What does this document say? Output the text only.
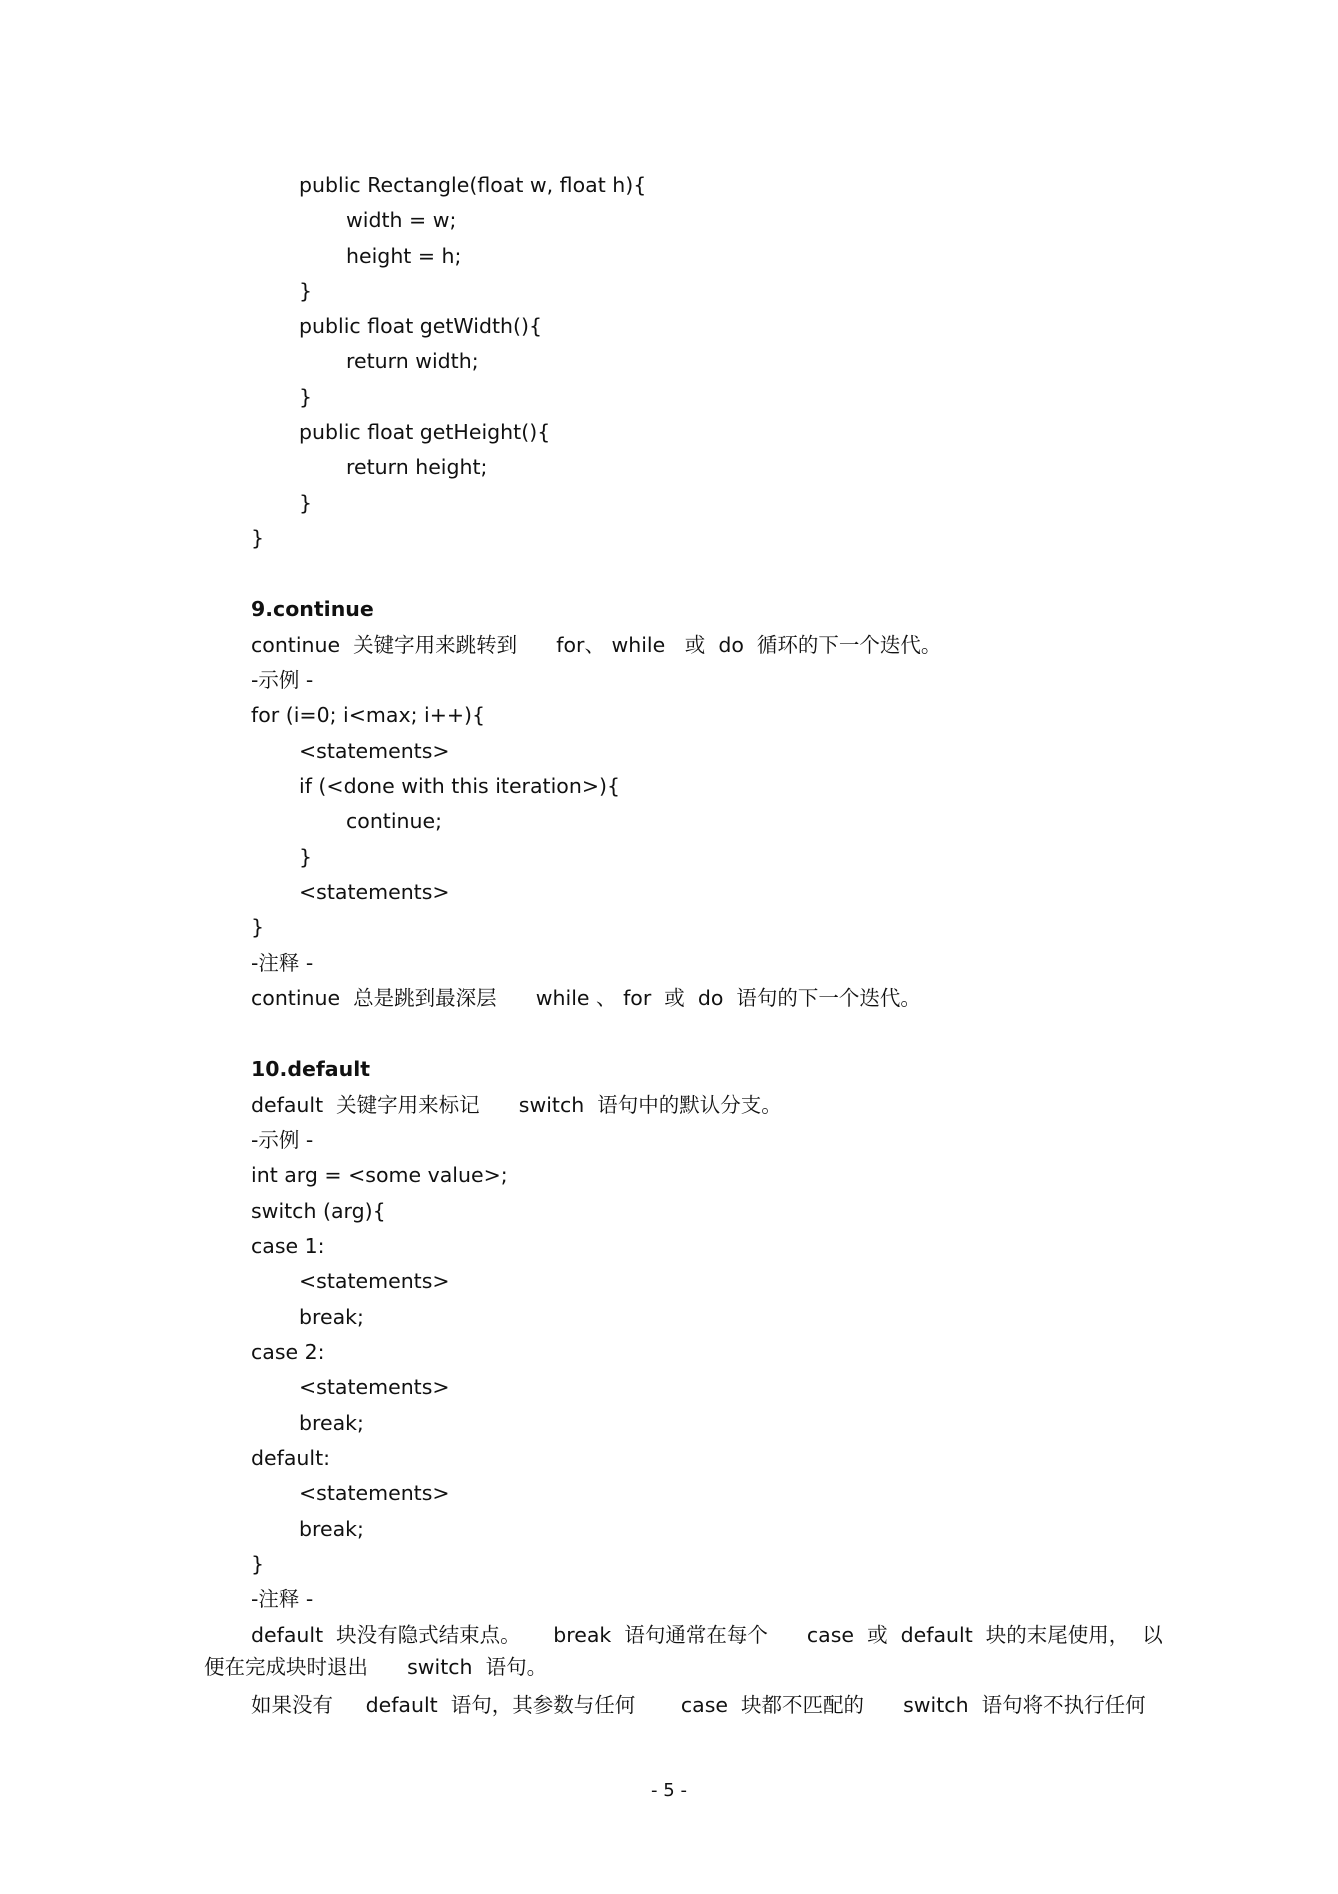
public Rectangle(float w, float h){

width = w;

height = h;

}

public float getWidth(){

return width;

}

public float getHeight(){

return height;

}

}

9.continue

continue  关键字用来跳转到      for、 while   或  do  循环的下一个迭代。

-示例 -

for (i=0; i<max; i++){

<statements>

if (<done with this iteration>){

continue;

}

<statements>

}

-注释 -

continue  总是跳到最深层      while 、 for  或  do  语句的下一个迭代。

10.default

default  关键字用来标记      switch  语句中的默认分支。

-示例 -

int arg = <some value>;

switch (arg){

case 1:

<statements>

break;

case 2:

<statements>

break;

default:

<statements>

break;

}

-注释 -

default  块没有隐式结束点。     break  语句通常在每个      case  或  default  块的末尾使用，  以

便在完成块时退出      switch  语句。

如果没有     default  语句，其参数与任何       case  块都不匹配的      switch  语句将不执行任何

- 5 -
